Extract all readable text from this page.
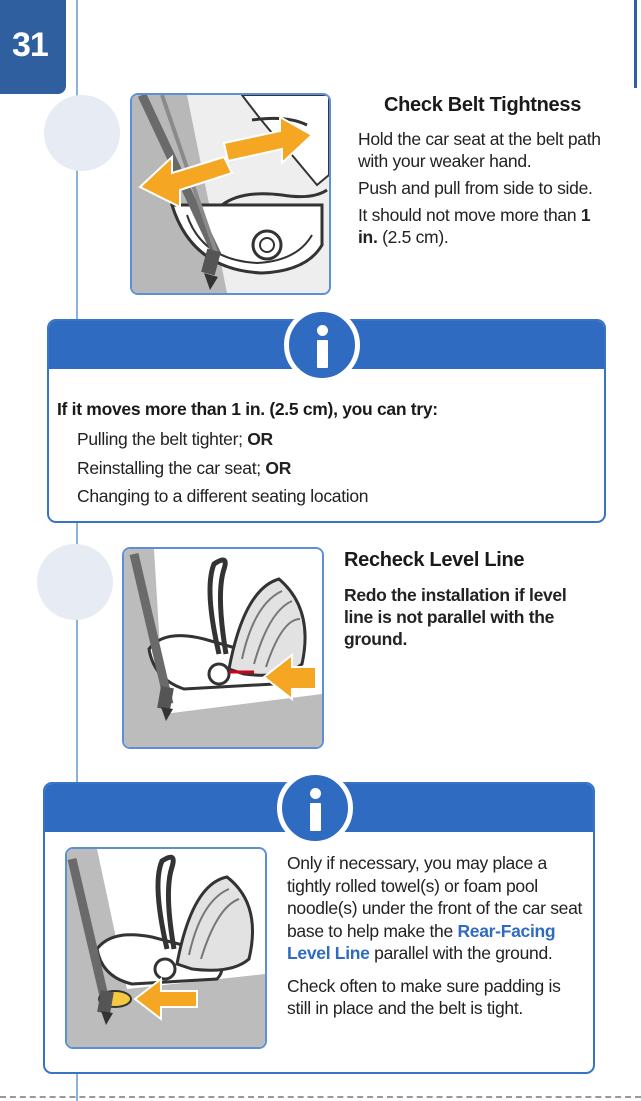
31
Check Belt Tightness

Hold the car seat at the belt path with your weaker hand.

Push and pull from side to side.

It should not move more than 1 in. (2.5 cm).

If it moves more than 1 in. (2.5 cm), you can try:
Pulling the belt tighter; OR
Reinstalling the car seat; OR
Changing to a different seating location
Recheck Level Line
Redo the installation if level line is not parallel with the ground.

Only if necessary, you may place a tightly rolled towel(s) or foam pool noodle(s) under the front of the car seat base to help make the Rear-Facing Level Line parallel with the ground.

Check often to make sure padding is still in place and the belt is tight.
